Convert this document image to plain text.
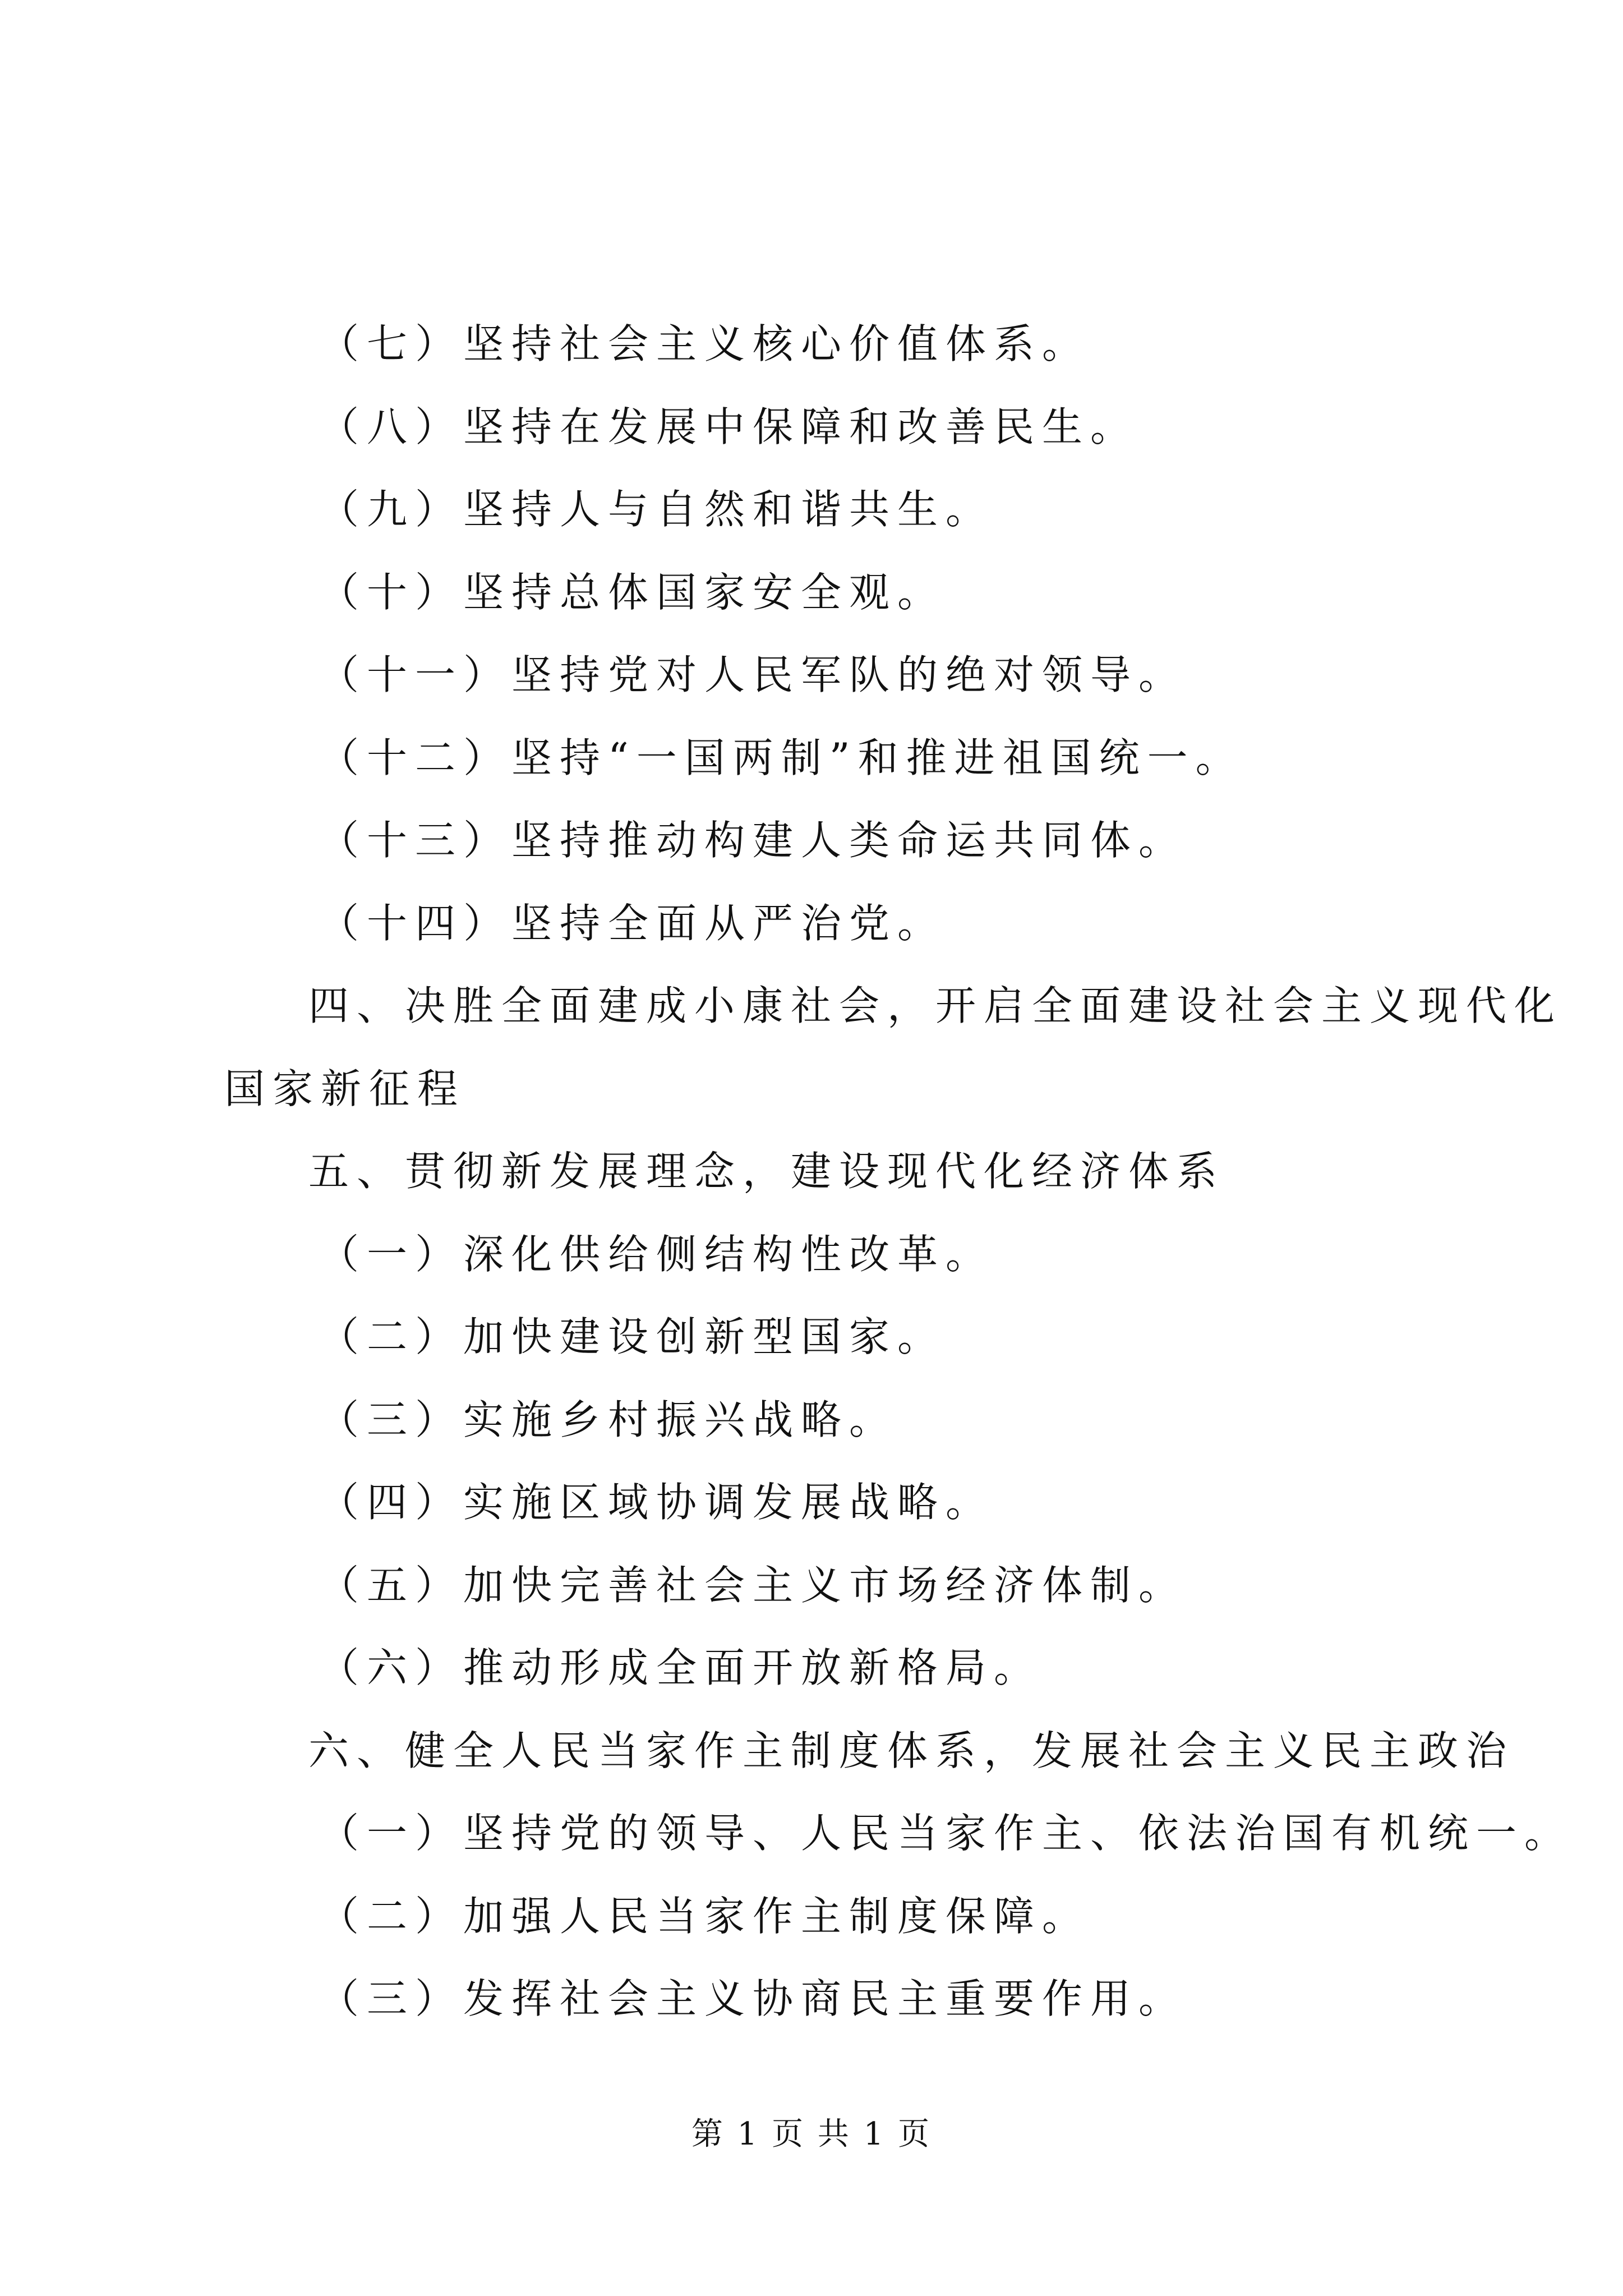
（七）坚持社会主义核心价值体系。
（八）坚持在发展中保障和改善民生。
（九）坚持人与自然和谐共生。
（十）坚持总体国家安全观。
（十一）坚持党对人民军队的绝对领导。
（十二）坚持“一国两制”和推进祖国统一。
（十三）坚持推动构建人类命运共同体。
（十四）坚持全面从严治党。
四、决胜全面建成小康社会，开启全面建设社会主义现代化
国家新征程
五、贯彻新发展理念，建设现代化经济体系
（一）深化供给侧结构性改革。
（二）加快建设创新型国家。
（三）实施乡村振兴战略。
（四）实施区域协调发展战略。
（五）加快完善社会主义市场经济体制。
（六）推动形成全面开放新格局。
六、健全人民当家作主制度体系，发展社会主义民主政治
（一）坚持党的领导、人民当家作主、依法治国有机统一。
（二）加强人民当家作主制度保障。
（三）发挥社会主义协商民主重要作用。
第 1 页 共 1 页
